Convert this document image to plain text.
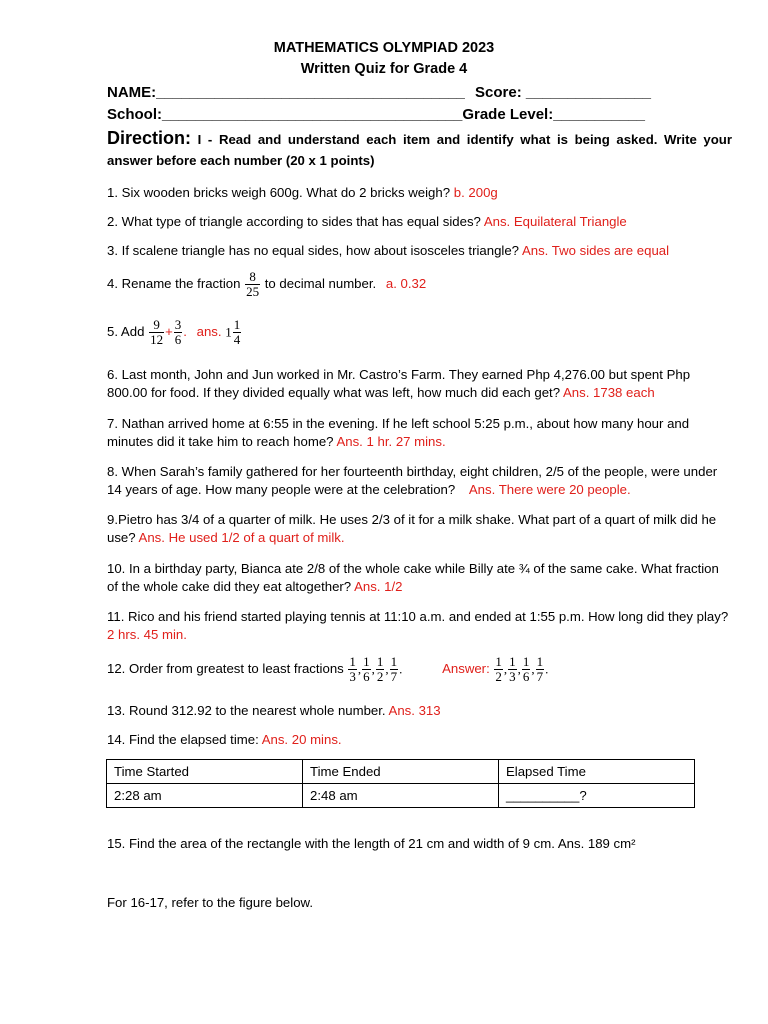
MATHEMATICS OLYMPIAD 2023
Written Quiz for Grade 4
NAME:_____________________________________ Score: _______________
School:____________________________________Grade Level:___________
Direction: I - Read and understand each item and identify what is being asked. Write your answer before each number (20 x 1 points)
1. Six wooden bricks weigh 600g. What do 2 bricks weigh? b. 200g
2. What type of triangle according to sides that has equal sides? Ans. Equilateral Triangle
3. If scalene triangle has no equal sides, how about isosceles triangle? Ans. Two sides are equal
4. Rename the fraction $\frac{8}{25}$ to decimal number. a. 0.32
5. Add $\frac{9}{12} + \frac{3}{6}$ . ans. $1 \frac{1}{4}$
6. Last month, John and Jun worked in Mr. Castro’s Farm. They earned Php 4,276.00 but spent Php 800.00 for food. If they divided equally what was left, how much did each get? Ans. 1738 each
7. Nathan arrived home at 6:55 in the evening. If he left school 5:25 p.m., about how many hour and minutes did it take him to reach home? Ans. 1 hr. 27 mins.
8. When Sarah’s family gathered for her fourteenth birthday, eight children, 2/5 of the people, were under 14 years of age. How many people were at the celebration? Ans. There were 20 people.
9.Pietro has 3/4 of a quarter of milk. He uses 2/3 of it for a milk shake. What part of a quart of milk did he use? Ans. He used 1/2 of a quart of milk.
10. In a birthday party, Bianca ate 2/8 of the whole cake while Billy ate ¾ of the same cake. What fraction of the whole cake did they eat altogether? Ans. 1/2
11. Rico and his friend started playing tennis at 11:10 a.m. and ended at 1:55 p.m. How long did they play? 2 hrs. 45 min.
12. Order from greatest to least fractions $\frac{1}{3}$ , $\frac{1}{6}$ , $\frac{1}{2}$ , $\frac{1}{7}$ .	Answer: $\frac{1}{2}$ , $\frac{1}{3}$ , $\frac{1}{6}$ , $\frac{1}{7}$ .
13. Round 312.92 to the nearest whole number. Ans. 313
14. Find the elapsed time: Ans. 20 mins.
Time Started	Time Ended	Elapsed Time
2:28 am	2:48 am	__________?
15. Find the area of the rectangle with the length of 21 cm and width of 9 cm. Ans. 189 cm²
For 16-17, refer to the figure below.
